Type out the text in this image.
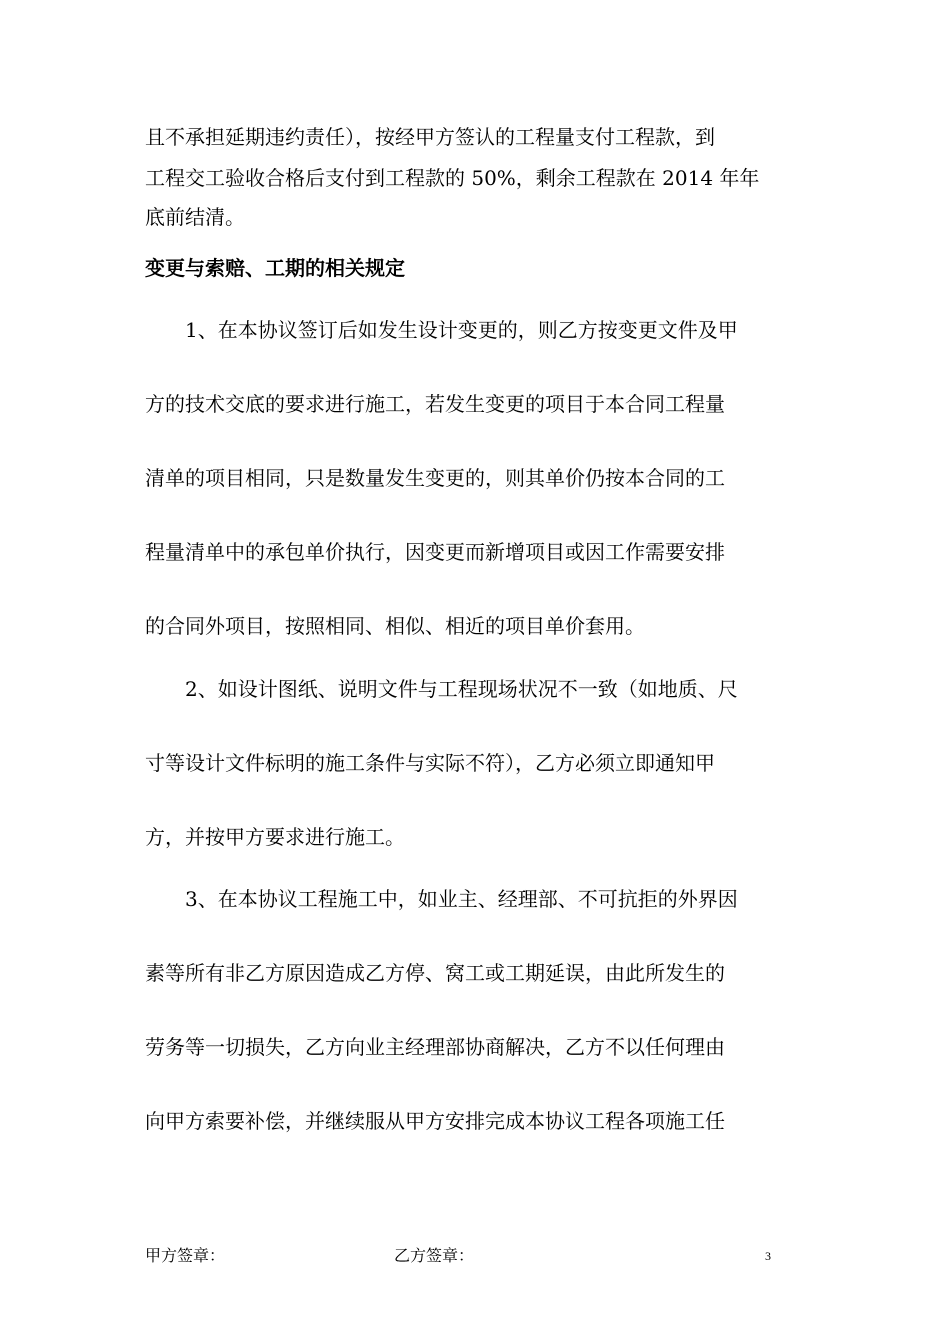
且不承担延期违约责任），按经甲方签认的工程量支付工程款，到
工程交工验收合格后支付到工程款的 50%，剩余工程款在 2014 年年
底前结清。
变更与索赔、工期的相关规定
　　1、在本协议签订后如发生设计变更的，则乙方按变更文件及甲
方的技术交底的要求进行施工，若发生变更的项目于本合同工程量
清单的项目相同，只是数量发生变更的，则其单价仍按本合同的工
程量清单中的承包单价执行，因变更而新增项目或因工作需要安排
的合同外项目，按照相同、相似、相近的项目单价套用。
　　2、如设计图纸、说明文件与工程现场状况不一致（如地质、尺
寸等设计文件标明的施工条件与实际不符），乙方必须立即通知甲
方，并按甲方要求进行施工。
　　3、在本协议工程施工中，如业主、经理部、不可抗拒的外界因
素等所有非乙方原因造成乙方停、窝工或工期延误，由此所发生的
劳务等一切损失，乙方向业主经理部协商解决，乙方不以任何理由
向甲方索要补偿，并继续服从甲方安排完成本协议工程各项施工任
甲方签章：	乙方签章：	3
